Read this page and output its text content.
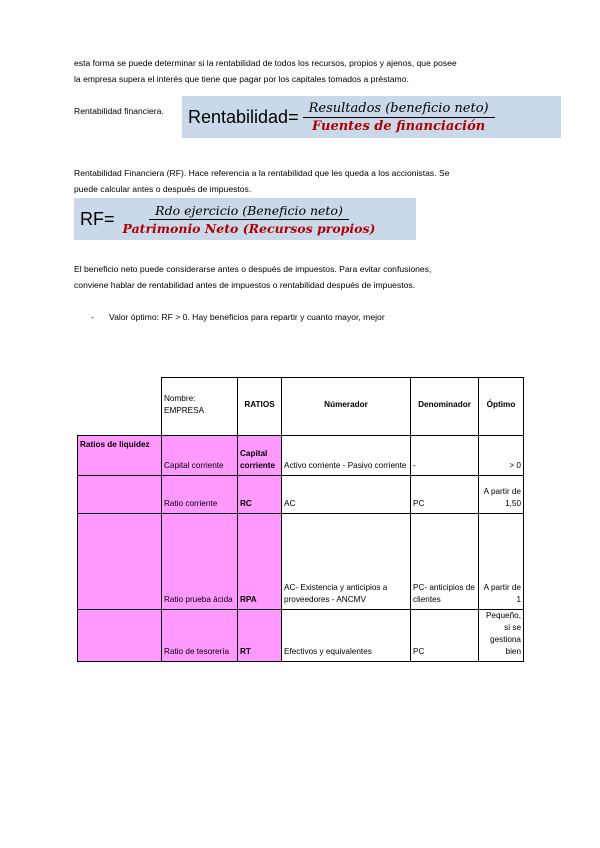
esta forma se puede determinar si la rentabilidad de todos los recursos, propios y ajenos, que posee
la empresa supera el interés que tiene que pagar por los capitales tomados a préstamo.
Rentabilidad financiera. Rentabilidad= $\frac{\text{Resultados (beneficio neto)}}{\text{Fuentes de financiación}}$
Rentabilidad Financiera (RF). Hace referencia a la rentabilidad que les queda a los accionistas. Se
puede calcular antes o después de impuestos.
$RF= \frac{\text{Rdo ejercicio (Beneficio neto)}}{\text{Patrimonio Neto (Recursos propios)}}$
El beneficio neto puede considerarse antes o después de impuestos. Para evitar confusiones,
conviene hablar de rentabilidad antes de impuestos o rentabilidad después de impuestos.
- Valor óptimo: RF > 0. Hay beneficios para repartir y cuanto mayor, mejor
	Nombre: EMPRESA	RATIOS	Númerador	Denominador	Óptimo
Ratios de liquidez	Capital corriente	Capital corriente	Activo corriente - Pasivo corriente	-	> 0
	Ratio corriente	RC	AC	PC	A partir de 1,50
	Ratio prueba ácida	RPA	AC- Existencia y anticipios a proveedores - ANCMV	PC- anticipios de clientes	A partir de 1
	Ratio de tesorería	RT	Efectivos y equivalentes	PC	Pequeño, si se gestiona bien
